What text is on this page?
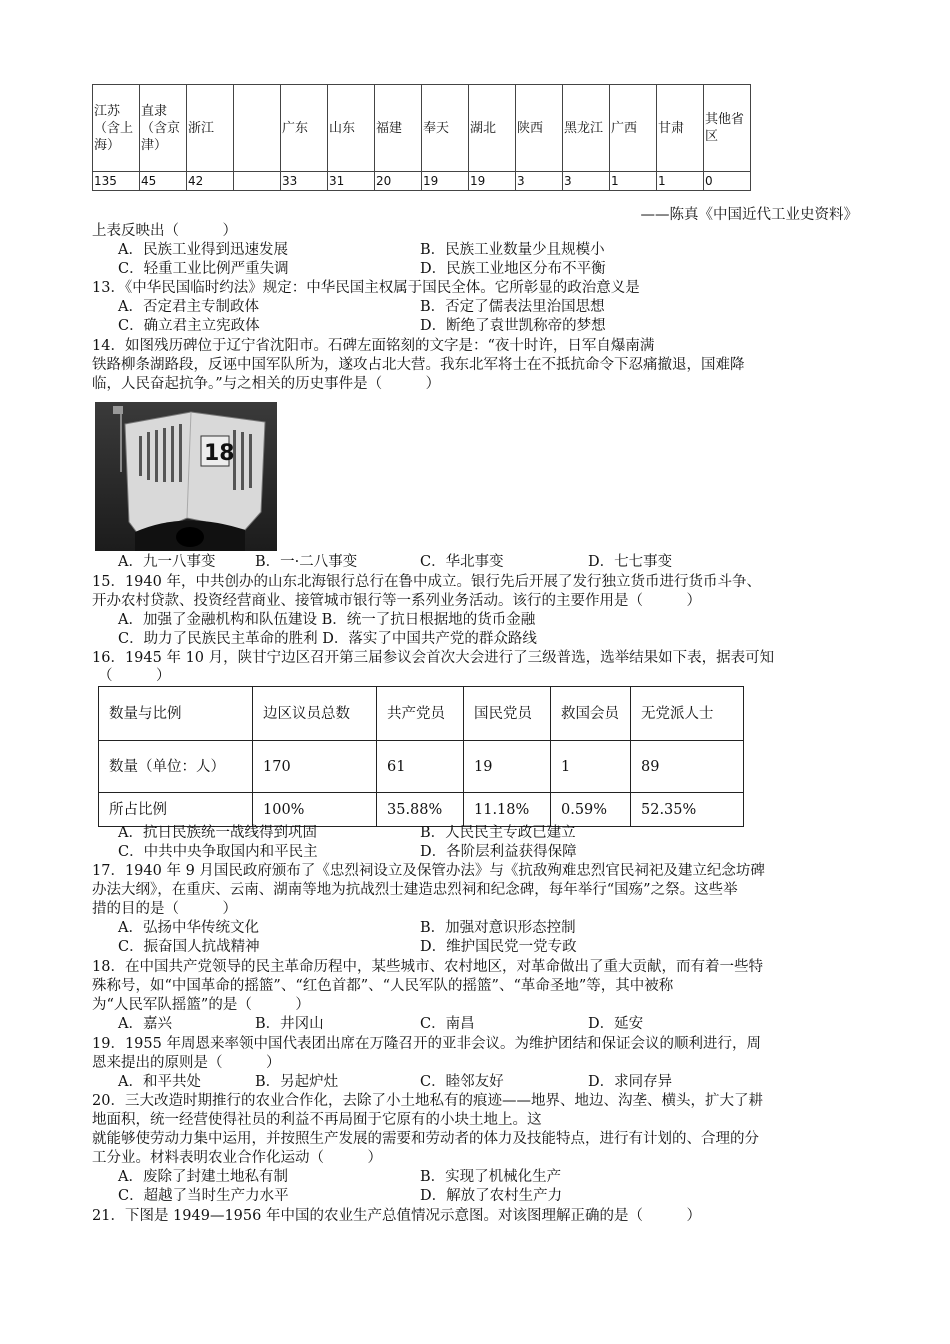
江苏（含上海）	直隶（含京津）	浙江		广东	山东	福建	奉天	湖北	陕西	黑龙江	广西	甘肃	其他省区
135	45	42		33	31	20	19	19	3	3	1	1	0
——陈真《中国近代工业史资料》
上表反映出（　　　）
A．民族工业得到迅速发展	B．民族工业数量少且规模小
C．轻重工业比例严重失调	D．民族工业地区分布不平衡
13．《中华民国临时约法》规定：中华民国主权属于国民全体。它所彰显的政治意义是
A．否定君主专制政体	B．否定了儒表法里治国思想
C．确立君主立宪政体	D．断绝了袁世凯称帝的梦想
14．如图残历碑位于辽宁省沈阳市。石碑左面铭刻的文字是：“夜十时许，日军自爆南满
铁路柳条湖路段，反诬中国军队所为，遂攻占北大营。我东北军将士在不抵抗命令下忍痛撤退，国难降
临，人民奋起抗争。”与之相关的历史事件是（　　　）
18
A．九一八事变	B．一·二八事变	C．华北事变	D．七七事变
15．1940 年，中共创办的山东北海银行总行在鲁中成立。银行先后开展了发行独立货币进行货币斗争、
开办农村贷款、投资经营商业、接管城市银行等一系列业务活动。该行的主要作用是（　　　）
A．加强了金融机构和队伍建设 B．统一了抗日根据地的货币金融
C．助力了民族民主革命的胜利 D．落实了中国共产党的群众路线
16．1945 年 10 月，陕甘宁边区召开第三届参议会首次大会进行了三级普选，选举结果如下表，据表可知
（　　　）
数量与比例	边区议员总数	共产党员	国民党员	救国会员	无党派人士
数量（单位：人）	170	61	19	1	89
所占比例	100%	35.88%	11.18%	0.59%	52.35%
A．抗日民族统一战线得到巩固	B．人民民主专政已建立
C．中共中央争取国内和平民主	D．各阶层利益获得保障
17．1940 年 9 月国民政府颁布了《忠烈祠设立及保管办法》与《抗敌殉难忠烈官民祠祀及建立纪念坊碑
办法大纲》，在重庆、云南、湖南等地为抗战烈士建造忠烈祠和纪念碑，每年举行“国殇”之祭。这些举
措的目的是（　　　）
A．弘扬中华传统文化	B．加强对意识形态控制
C．振奋国人抗战精神	D．维护国民党一党专政
18．在中国共产党领导的民主革命历程中，某些城市、农村地区，对革命做出了重大贡献，而有着一些特
殊称号，如“中国革命的摇篮”、“红色首都”、“人民军队的摇篮”、“革命圣地”等，其中被称
为“人民军队摇篮”的是（　　　）
A．嘉兴	B．井冈山	C．南昌	D．延安
19．1955 年周恩来率领中国代表团出席在万隆召开的亚非会议。为维护团结和保证会议的顺利进行，周
恩来提出的原则是（　　　）
A．和平共处	B．另起炉灶	C．睦邻友好	D．求同存异
20．三大改造时期推行的农业合作化，去除了小土地私有的痕迹——地界、地边、沟垄、横头，扩大了耕
地面积，统一经营使得社员的利益不再局囿于它原有的小块土地上。这
就能够使劳动力集中运用，并按照生产发展的需要和劳动者的体力及技能特点，进行有计划的、合理的分
工分业。材料表明农业合作化运动（　　　）
A．废除了封建土地私有制	B．实现了机械化生产
C．超越了当时生产力水平	D．解放了农村生产力
21．下图是 1949—1956 年中国的农业生产总值情况示意图。对该图理解正确的是（　　　）
